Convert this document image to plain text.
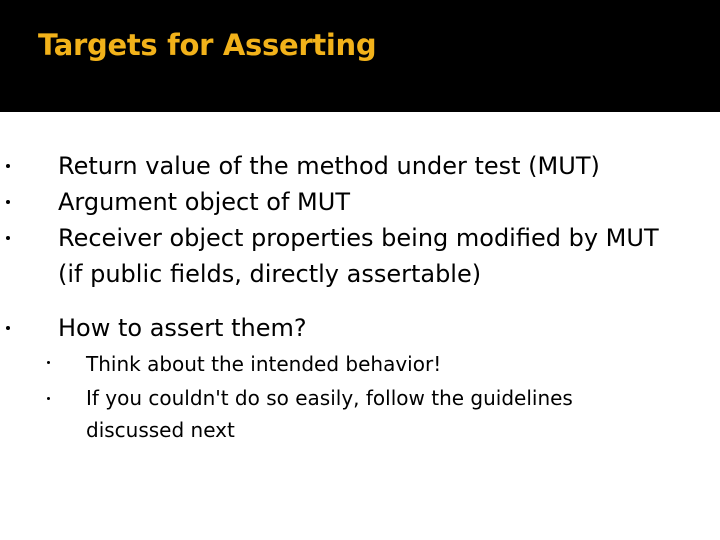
Targets for Asserting
Return value of the method under test (MUT)
Argument object of MUT
Receiver object properties being modified by MUT (if public fields, directly assertable)
How to assert them?
Think about the intended behavior!
If you couldn't do so easily, follow the guidelines discussed next
